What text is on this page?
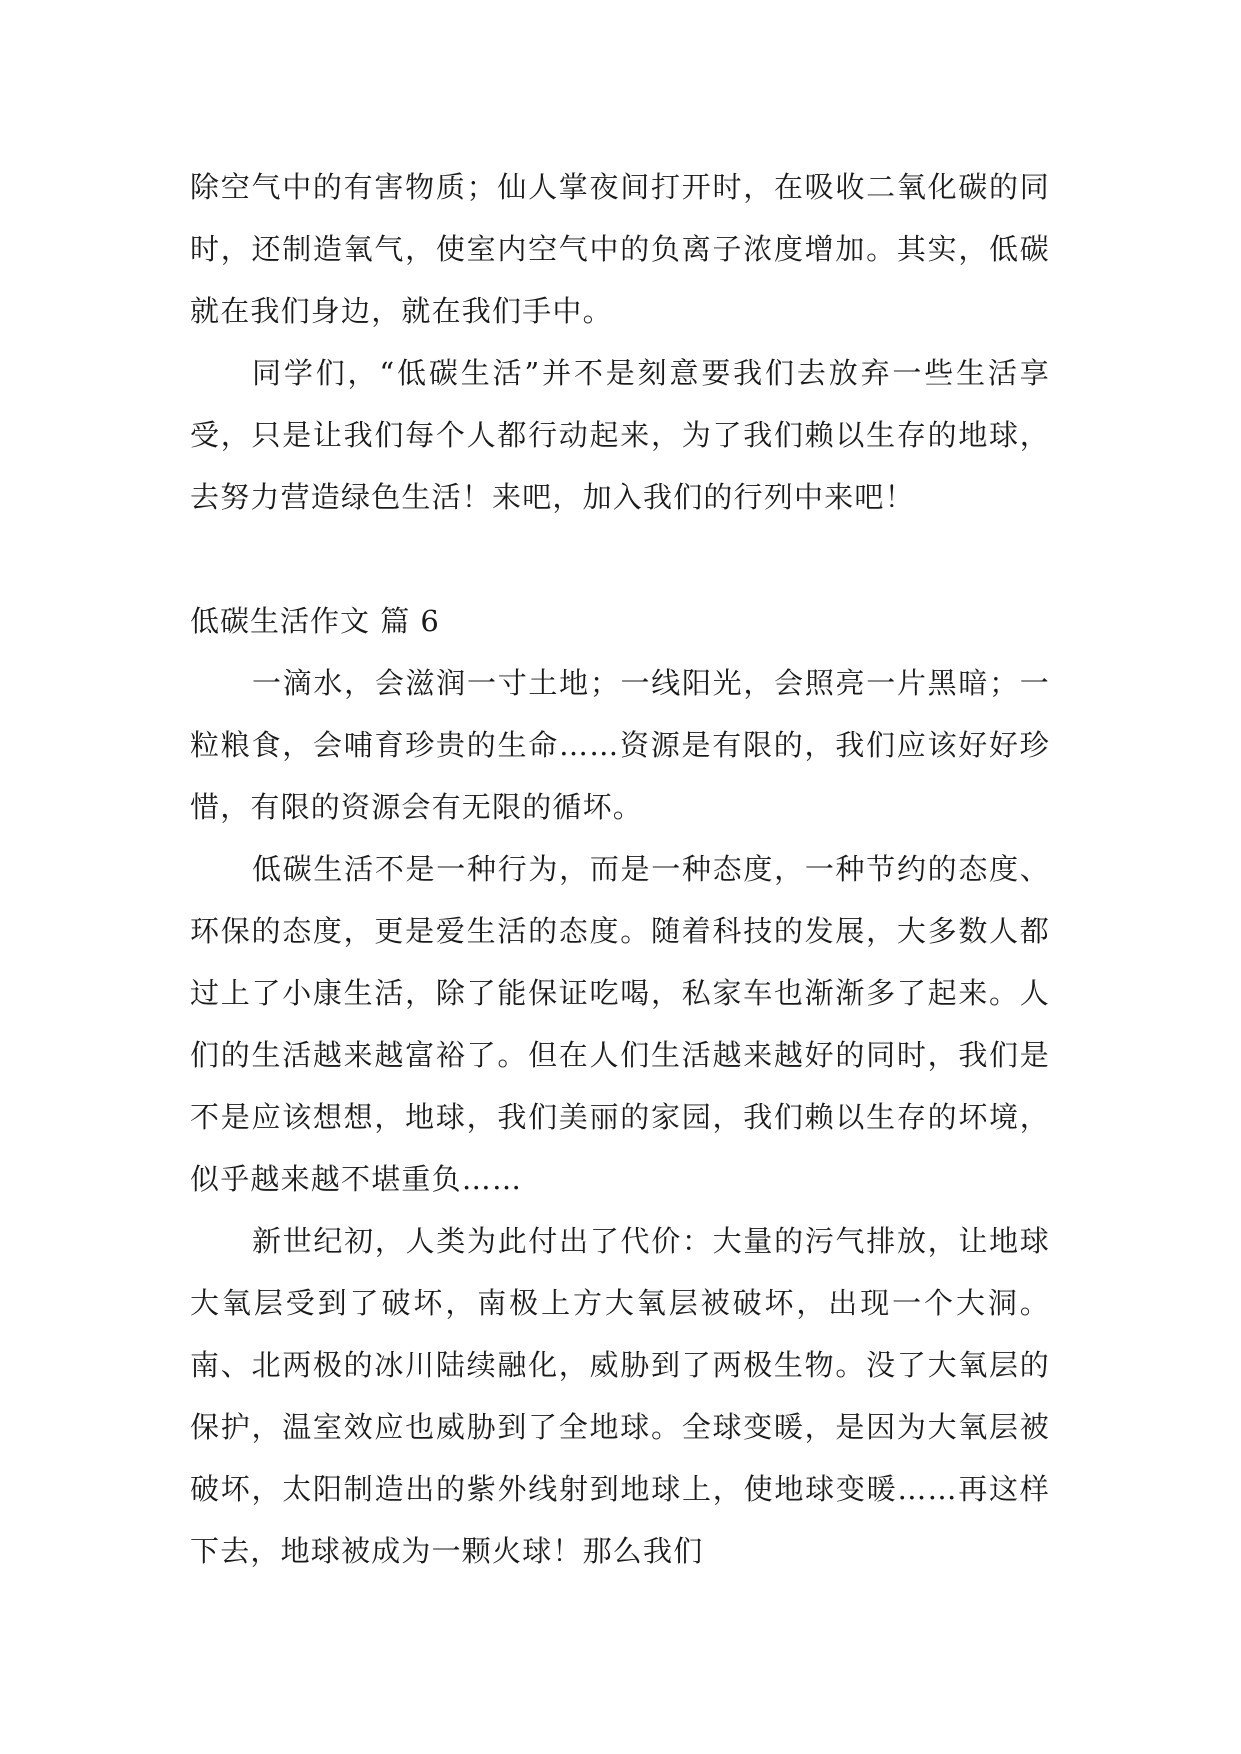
除空气中的有害物质；仙人掌夜间打开时，在吸收二氧化碳的同时，还制造氧气，使室内空气中的负离子浓度增加。其实，低碳就在我们身边，就在我们手中。

同学们，“低碳生活”并不是刻意要我们去放弃一些生活享受，只是让我们每个人都行动起来，为了我们赖以生存的地球，去努力营造绿色生活！来吧，加入我们的行列中来吧！

低碳生活作文 篇 6

一滴水，会滋润一寸土地；一线阳光，会照亮一片黑暗；一粒粮食，会哺育珍贵的生命……资源是有限的，我们应该好好珍惜，有限的资源会有无限的循坏。

低碳生活不是一种行为，而是一种态度，一种节约的态度、环保的态度，更是爱生活的态度。随着科技的发展，大多数人都过上了小康生活，除了能保证吃喝，私家车也渐渐多了起来。人们的生活越来越富裕了。但在人们生活越来越好的同时，我们是不是应该想想，地球，我们美丽的家园，我们赖以生存的坏境，似乎越来越不堪重负……

新世纪初，人类为此付出了代价：大量的污气排放，让地球大氧层受到了破坏，南极上方大氧层被破坏，出现一个大洞。南、北两极的冰川陆续融化，威胁到了两极生物。没了大氧层的保护，温室效应也威胁到了全地球。全球变暖，是因为大氧层被破坏，太阳制造出的紫外线射到地球上，使地球变暖……再这样下去，地球被成为一颗火球！那么我们
